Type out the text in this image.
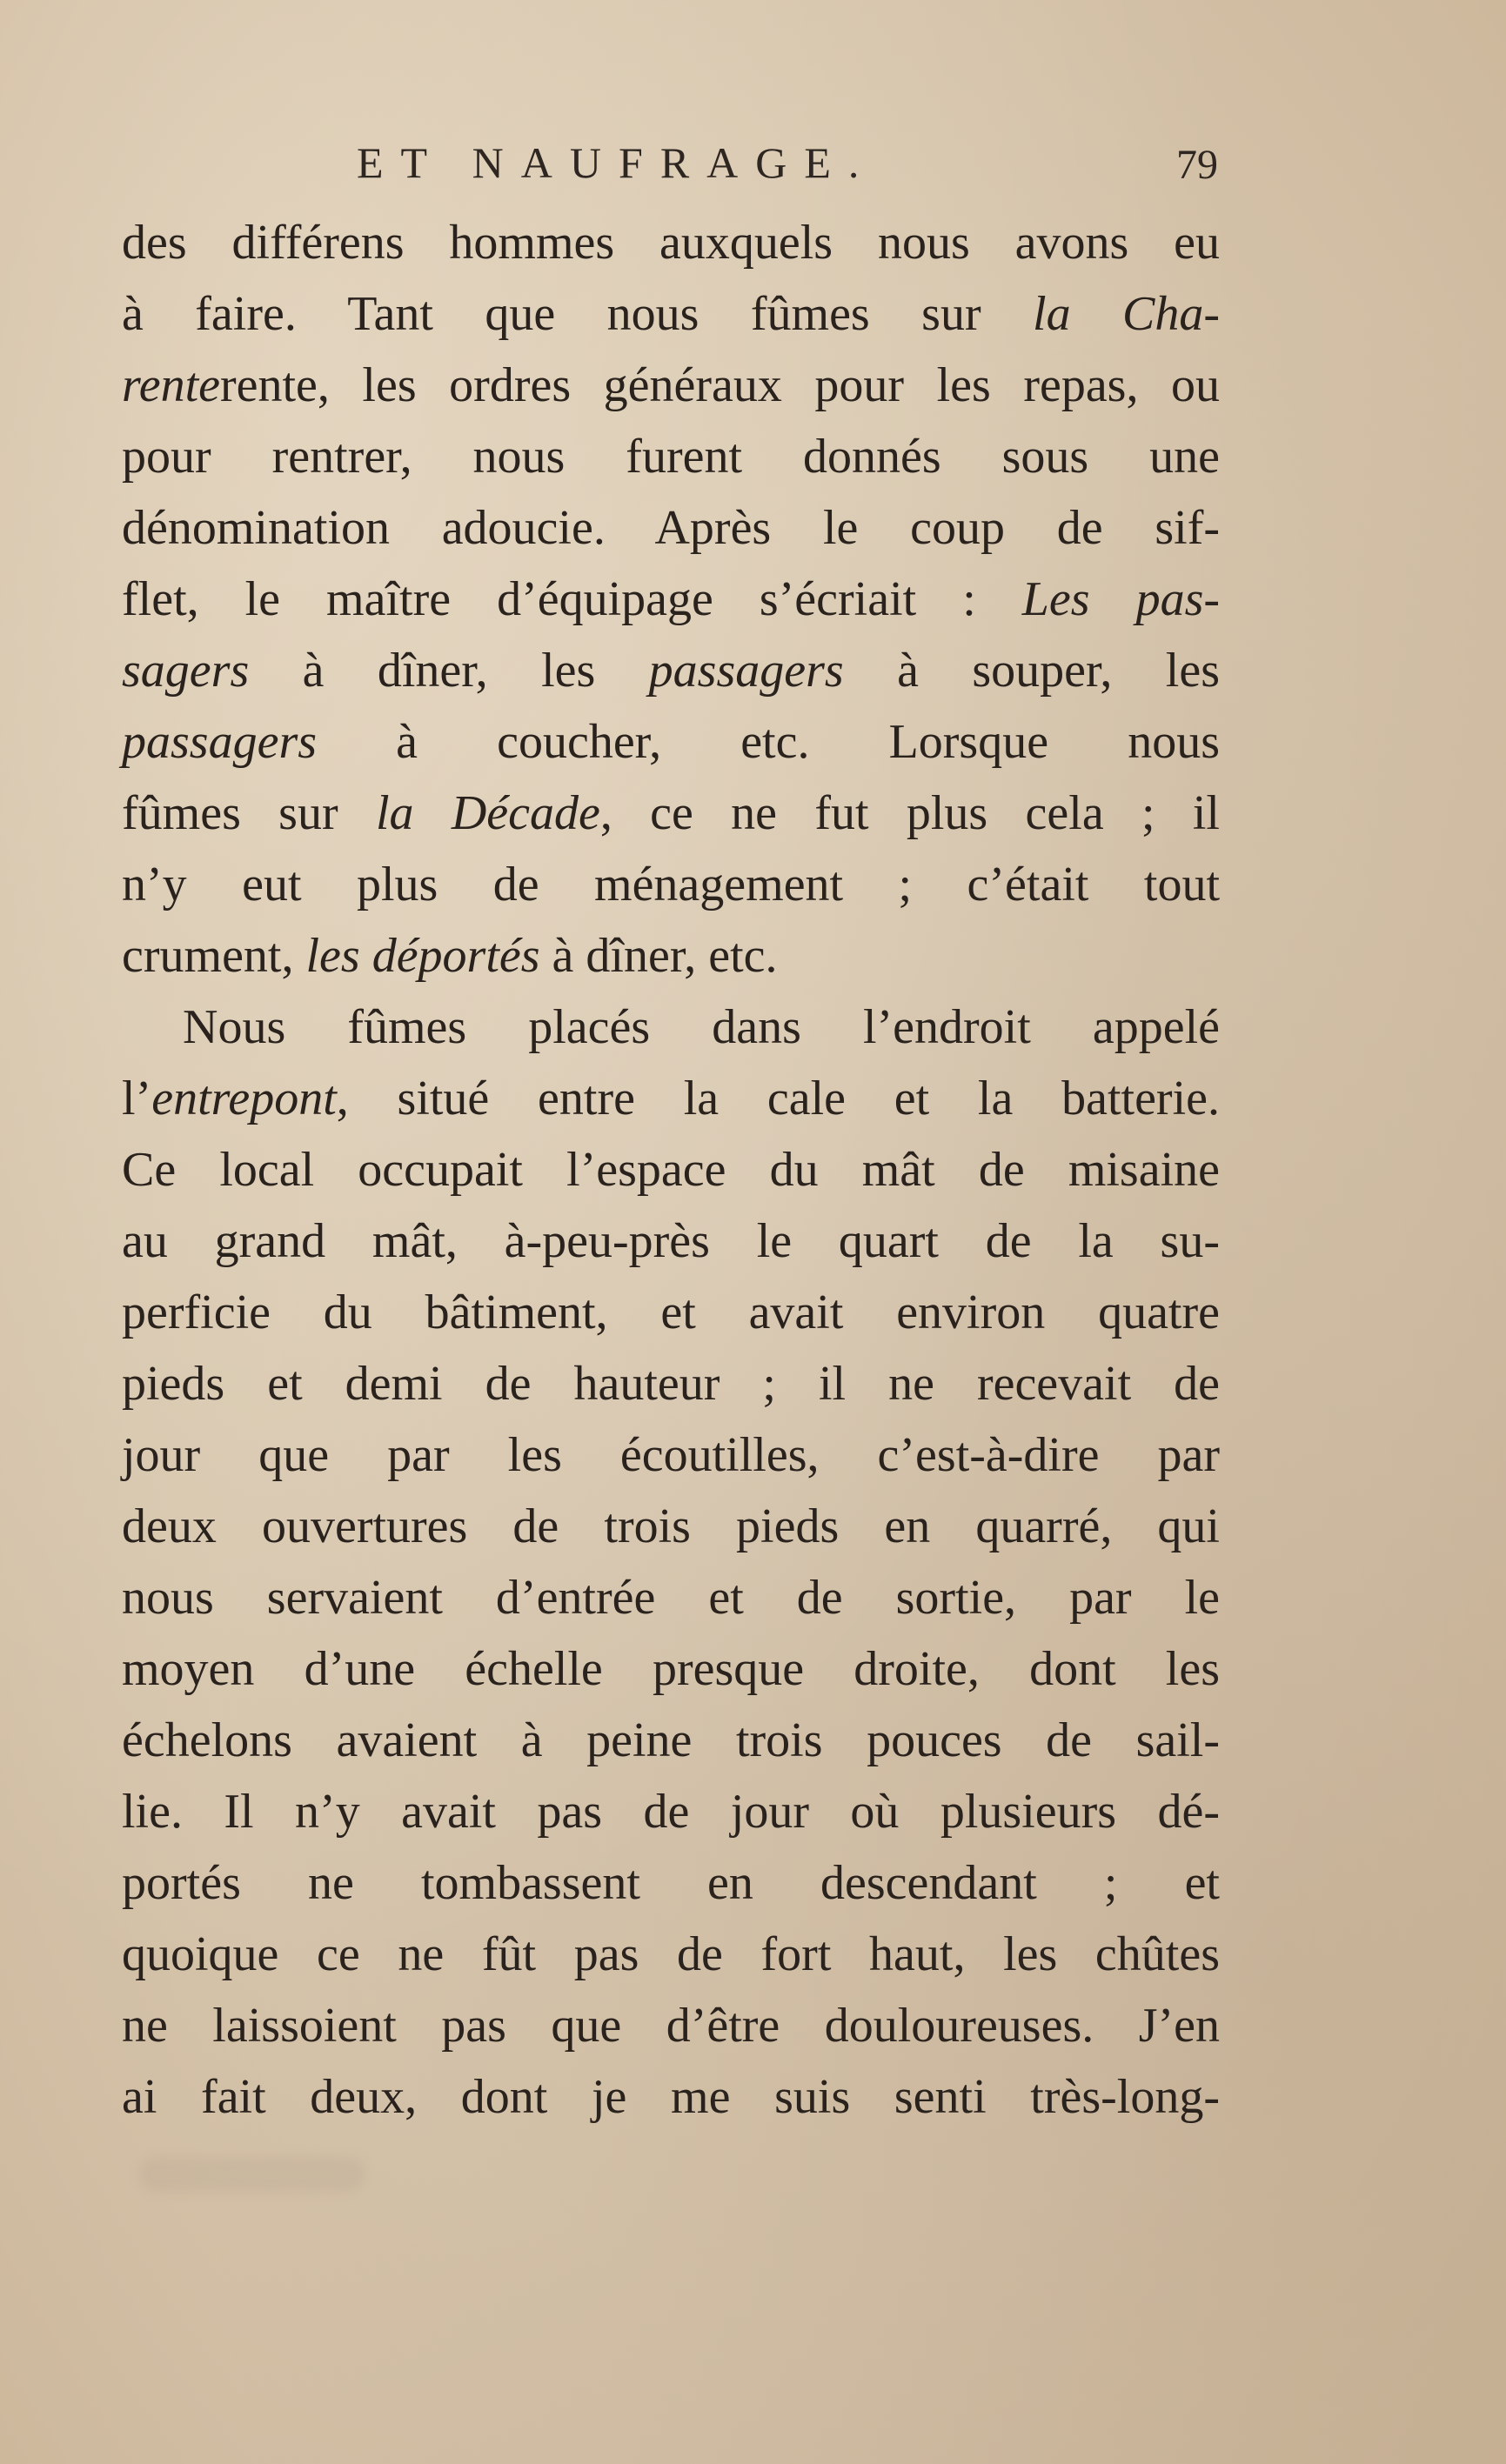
ET NAUFRAGE.	79
des différens hommes auxquels nous avons eu
à faire. Tant que nous fûmes sur la Cha-
renterente, les ordres généraux pour les repas, ou
pour rentrer, nous furent donnés sous une
dénomination adoucie. Après le coup de sif-
flet, le maître d’équipage s’écriait : Les pas-
sagers à dîner, les passagers à souper, les
passagers à coucher, etc. Lorsque nous
fûmes sur la Décade, ce ne fut plus cela ; il
n’y eut plus de ménagement ; c’était tout
crument, les déportés à dîner, etc.
Nous fûmes placés dans l’endroit appelé
l’entrepont, situé entre la cale et la batterie.
Ce local occupait l’espace du mât de misaine
au grand mât, à-peu-près le quart de la su-
perficie du bâtiment, et avait environ quatre
pieds et demi de hauteur ; il ne recevait de
jour que par les écoutilles, c’est-à-dire par
deux ouvertures de trois pieds en quarré, qui
nous servaient d’entrée et de sortie, par le
moyen d’une échelle presque droite, dont les
échelons avaient à peine trois pouces de sail-
lie. Il n’y avait pas de jour où plusieurs dé-
portés ne tombassent en descendant ; et
quoique ce ne fût pas de fort haut, les chûtes
ne laissoient pas que d’être douloureuses. J’en
ai fait deux, dont je me suis senti très-long-
